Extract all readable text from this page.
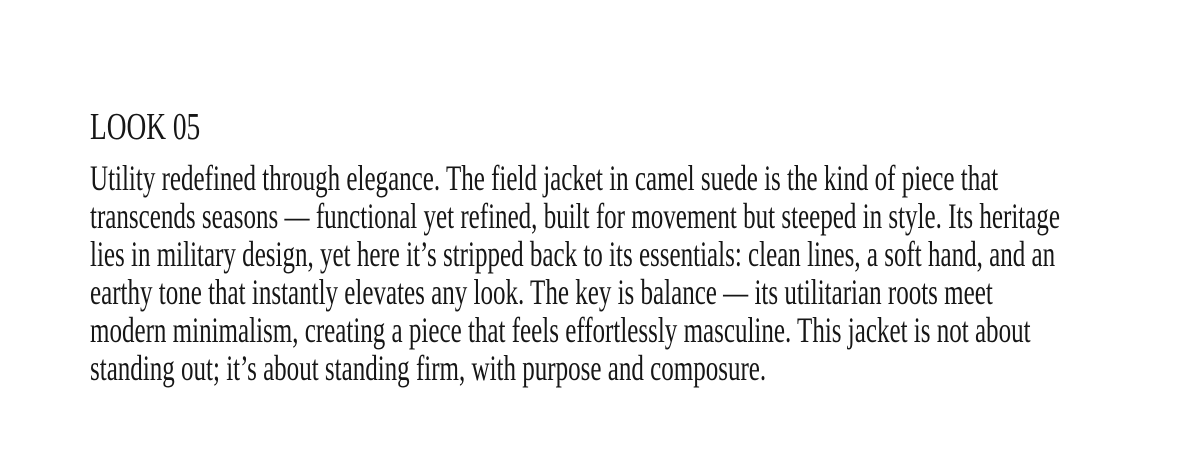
LOOK 05
Utility redefined through elegance. The field jacket in camel suede is the kind of piece that
transcends seasons — functional yet refined, built for movement but steeped in style. Its heritage
lies in military design, yet here it’s stripped back to its essentials: clean lines, a soft hand, and an
earthy tone that instantly elevates any look. The key is balance — its utilitarian roots meet
modern minimalism, creating a piece that feels effortlessly masculine. This jacket is not about
standing out; it’s about standing firm, with purpose and composure.
